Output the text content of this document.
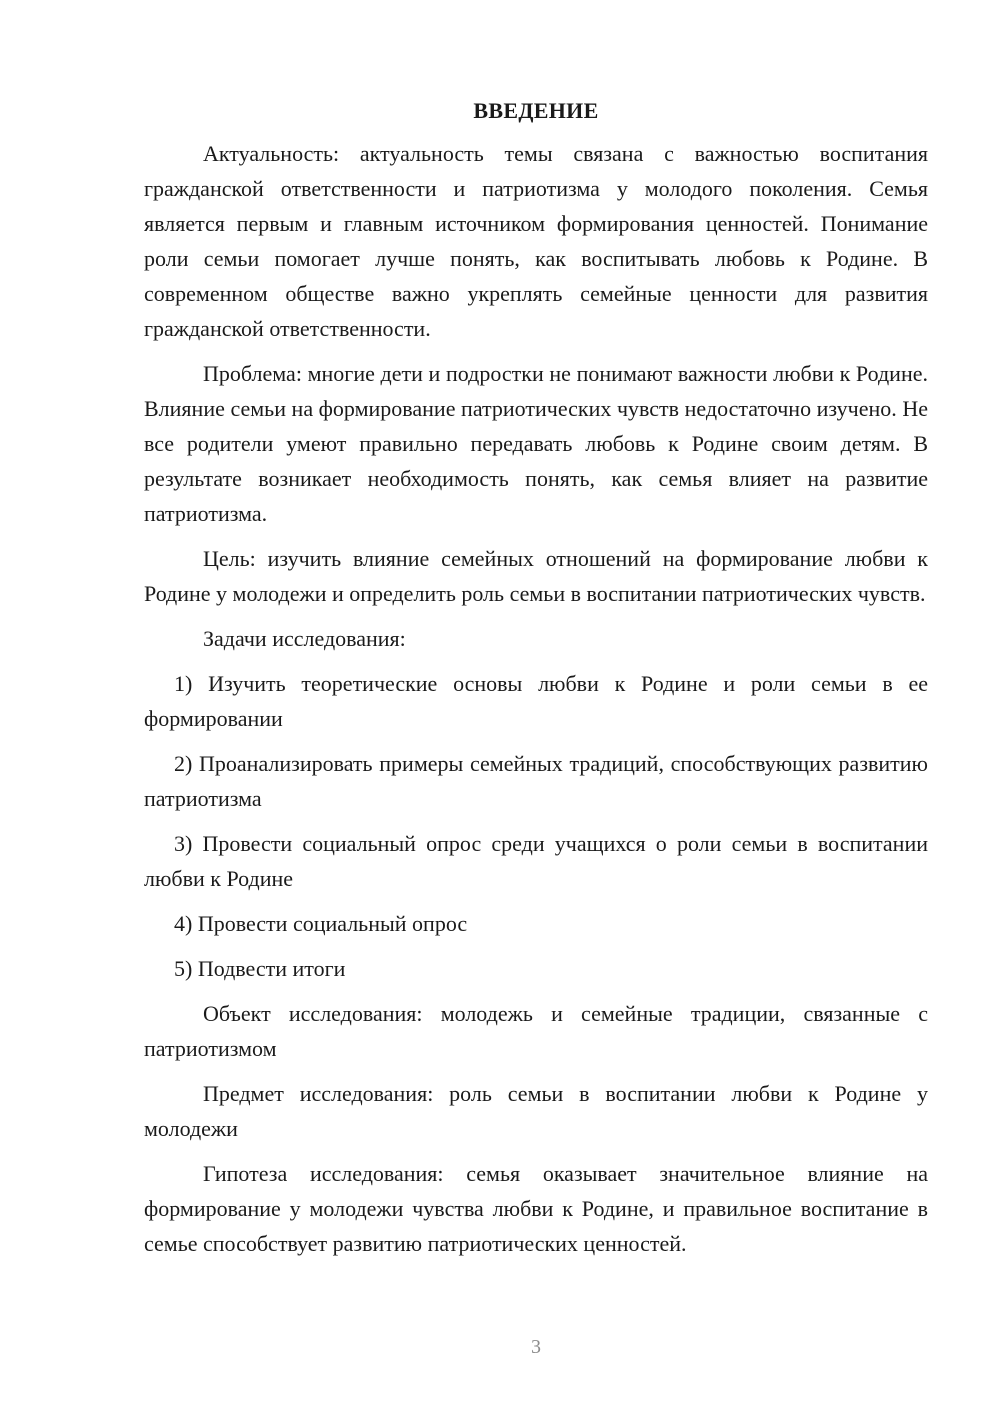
ВВЕДЕНИЕ

Актуальность: актуальность темы связана с важностью воспитания гражданской ответственности и патриотизма у молодого поколения. Семья является первым и главным источником формирования ценностей. Понимание роли семьи помогает лучше понять, как воспитывать любовь к Родине. В современном обществе важно укреплять семейные ценности для развития гражданской ответственности.

Проблема: многие дети и подростки не понимают важности любви к Родине. Влияние семьи на формирование патриотических чувств недостаточно изучено. Не все родители умеют правильно передавать любовь к Родине своим детям. В результате возникает необходимость понять, как семья влияет на развитие патриотизма.

Цель: изучить влияние семейных отношений на формирование любви к Родине у молодежи и определить роль семьи в воспитании патриотических чувств.

Задачи исследования:

1) Изучить теоретические основы любви к Родине и роли семьи в ее формировании

2) Проанализировать примеры семейных традиций, способствующих развитию патриотизма

3) Провести социальный опрос среди учащихся о роли семьи в воспитании любви к Родине

4) Провести социальный опрос

5) Подвести итоги

Объект исследования: молодежь и семейные традиции, связанные с патриотизмом

Предмет исследования: роль семьи в воспитании любви к Родине у молодежи

Гипотеза исследования: семья оказывает значительное влияние на формирование у молодежи чувства любви к Родине, и правильное воспитание в семье способствует развитию патриотических ценностей.

3
